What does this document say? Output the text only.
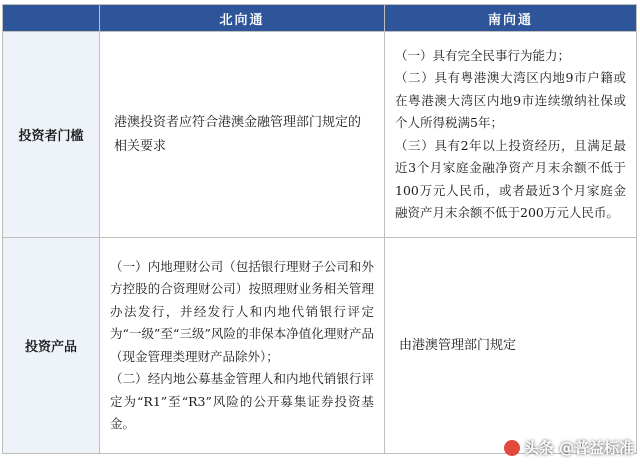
	北向通	南向通
投资者门槛	港澳投资者应符合港澳金融管理部门规定的相关要求	（一）具有完全民事行为能力；

（二）具有粤港澳大湾区内地9市户籍或在粤港澳大湾区内地9市连续缴纳社保或个人所得税满5年；

（三）具有2年以上投资经历，且满足最近3个月家庭金融净资产月末余额不低于100万元人民币，或者最近3个月家庭金融资产月末余额不低于200万元人民币。

投资产品	（一）内地理财公司（包括银行理财子公司和外方控股的合资理财公司）按照理财业务相关管理办法发行，并经发行人和内地代销银行评定为“一级”至“三级”风险的非保本净值化理财产品（现金管理类理财产品除外）；

（二）经内地公募基金管理人和内地代销银行评定为“R1”至“R3”风险的公开募集证券投资基金。	由港澳管理部门规定
头条 @普益标准
